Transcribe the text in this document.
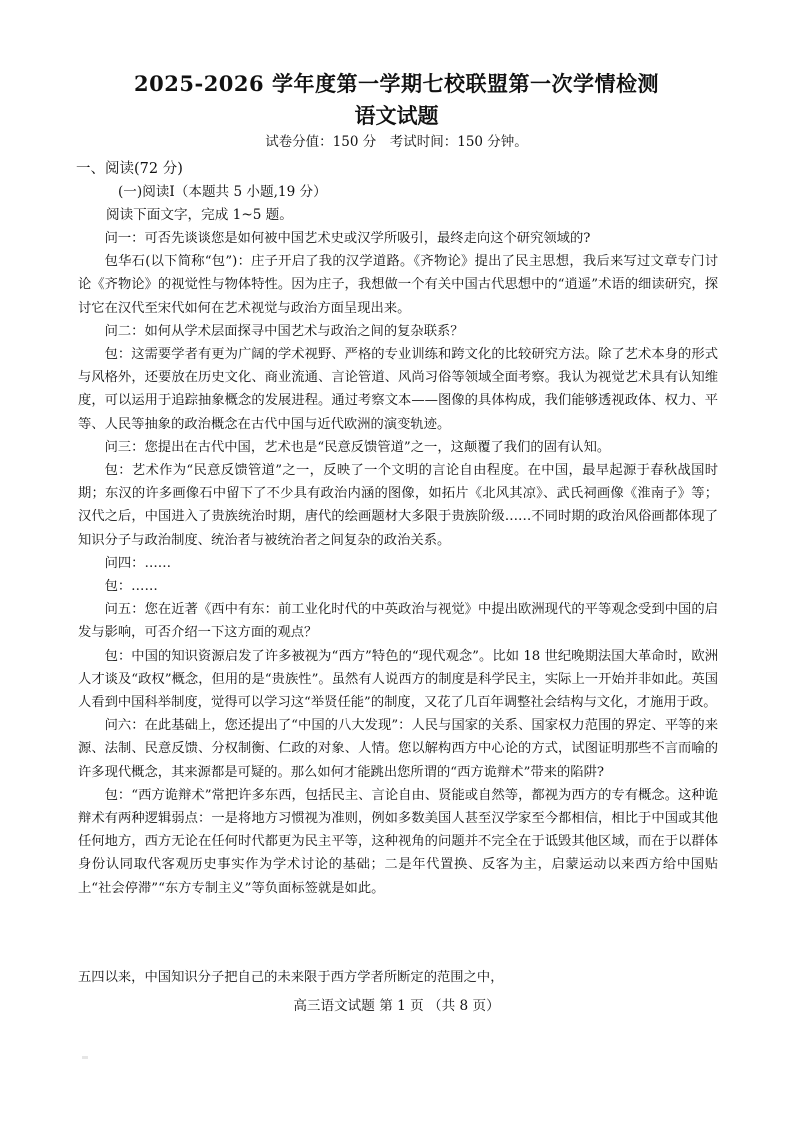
2025-2026 学年度第一学期七校联盟第一次学情检测
语文试题
试卷分值：150 分　考试时间：150 分钟。
一、阅读(72 分)
(一)阅读Ⅰ（本题共 5 小题,19 分）
阅读下面文字，完成 1~5 题。

问一：可否先谈谈您是如何被中国艺术史或汉学所吸引，最终走向这个研究领域的?

包华石(以下简称“包”)：庄子开启了我的汉学道路。《齐物论》提出了民主思想，我后来写过文章专门讨论《齐物论》的视觉性与物体特性。因为庄子，我想做一个有关中国古代思想中的“逍遥”术语的细读研究，探讨它在汉代至宋代如何在艺术视觉与政治方面呈现出来。

问二：如何从学术层面探寻中国艺术与政治之间的复杂联系？

包：这需要学者有更为广阔的学术视野、严格的专业训练和跨文化的比较研究方法。除了艺术本身的形式与风格外，还要放在历史文化、商业流通、言论管道、风尚习俗等领域全面考察。我认为视觉艺术具有认知维度，可以运用于追踪抽象概念的发展进程。通过考察文本——图像的具体构成，我们能够透视政体、权力、平等、人民等抽象的政治概念在古代中国与近代欧洲的演变轨迹。

问三：您提出在古代中国，艺术也是“民意反馈管道”之一，这颠覆了我们的固有认知。

包：艺术作为“民意反馈管道”之一，反映了一个文明的言论自由程度。在中国，最早起源于春秋战国时期；东汉的许多画像石中留下了不少具有政治内涵的图像，如拓片《北风其凉》、武氏祠画像《淮南子》等；汉代之后，中国进入了贵族统治时期，唐代的绘画题材大多限于贵族阶级……不同时期的政治风俗画都体现了知识分子与政治制度、统治者与被统治者之间复杂的政治关系。

问四：……

包：……

问五：您在近著《西中有东：前工业化时代的中英政治与视觉》中提出欧洲现代的平等观念受到中国的启发与影响，可否介绍一下这方面的观点？

包：中国的知识资源启发了许多被视为“西方”特色的“现代观念”。比如 18 世纪晚期法国大革命时，欧洲人才谈及“政权”概念，但用的是“贵族性”。虽然有人说西方的制度是科学民主，实际上一开始并非如此。英国人看到中国科举制度，觉得可以学习这“举贤任能”的制度，又花了几百年调整社会结构与文化，才施用于政。

问六：在此基础上，您还提出了“中国的八大发现”：人民与国家的关系、国家权力范围的界定、平等的来源、法制、民意反馈、分权制衡、仁政的对象、人情。您以解构西方中心论的方式，试图证明那些不言而喻的许多现代概念，其来源都是可疑的。那么如何才能跳出您所谓的“西方诡辩术”带来的陷阱?

包：“西方诡辩术”常把许多东西，包括民主、言论自由、贤能或自然等，都视为西方的专有概念。这种诡辩术有两种逻辑弱点：一是将地方习惯视为准则，例如多数美国人甚至汉学家至今都相信，相比于中国或其他任何地方，西方无论在任何时代都更为民主平等，这种视角的问题并不完全在于诋毁其他区域，而在于以群体身份认同取代客观历史事实作为学术讨论的基础；二是年代置换、反客为主，启蒙运动以来西方给中国贴上“社会停滞”“东方专制主义”等负面标签就是如此。

五四以来，中国知识分子把自己的未来限于西方学者所断定的范围之中，

高三语文试题 第 1 页 （共 8 页）
